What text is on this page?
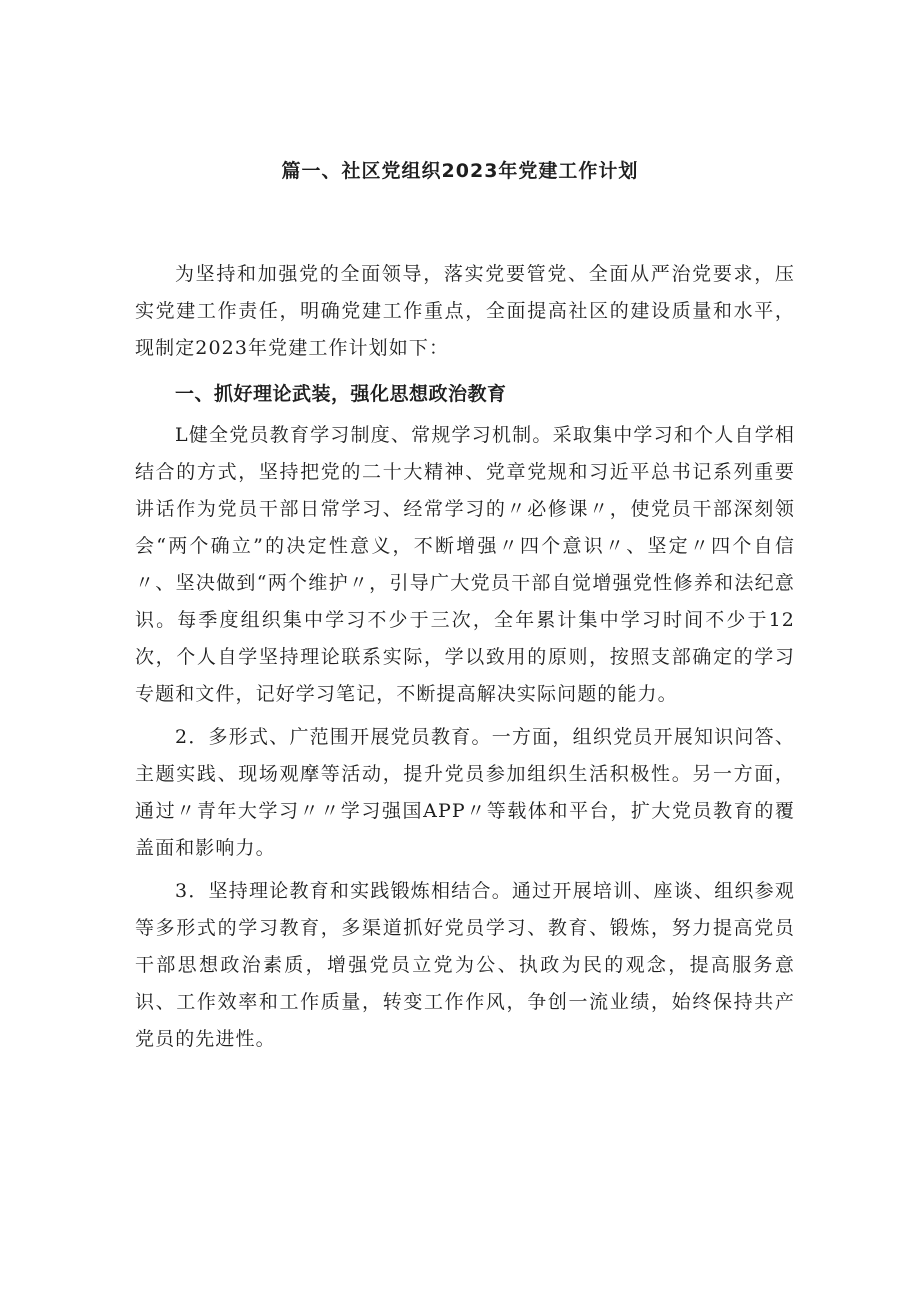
篇一、社区党组织2023年党建工作计划

为坚持和加强党的全面领导，落实党要管党、全面从严治党要求，压实党建工作责任，明确党建工作重点，全面提高社区的建设质量和水平，现制定2023年党建工作计划如下：

一、抓好理论武装，强化思想政治教育

L健全党员教育学习制度、常规学习机制。采取集中学习和个人自学相结合的方式，坚持把党的二十大精神、党章党规和习近平总书记系列重要讲话作为党员干部日常学习、经常学习的〃必修课〃，使党员干部深刻领会“两个确立”的决定性意义，不断增强〃四个意识〃、坚定〃四个自信〃、坚决做到“两个维护〃，引导广大党员干部自觉增强党性修养和法纪意识。每季度组织集中学习不少于三次，全年累计集中学习时间不少于12次，个人自学坚持理论联系实际，学以致用的原则，按照支部确定的学习专题和文件，记好学习笔记，不断提高解决实际问题的能力。

2．多形式、广范围开展党员教育。一方面，组织党员开展知识问答、主题实践、现场观摩等活动，提升党员参加组织生活积极性。另一方面，通过〃青年大学习〃〃学习强国APP〃等载体和平台，扩大党员教育的覆盖面和影响力。

3．坚持理论教育和实践锻炼相结合。通过开展培训、座谈、组织参观等多形式的学习教育，多渠道抓好党员学习、教育、锻炼，努力提高党员干部思想政治素质，增强党员立党为公、执政为民的观念，提高服务意识、工作效率和工作质量，转变工作作风，争创一流业绩，始终保持共产党员的先进性。
